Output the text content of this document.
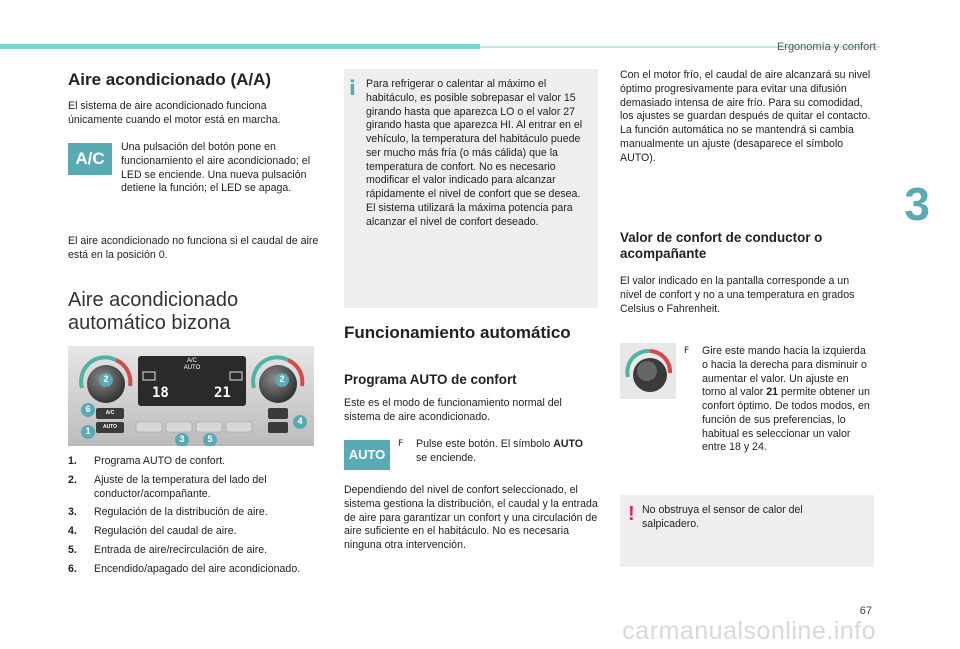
Ergonomía y confort
Aire acondicionado (A/A)

El sistema de aire acondicionado funciona únicamente cuando el motor está en marcha.

A/C

Una pulsación del botón pone en funcionamiento el aire acondicionado; el LED se enciende. Una nueva pulsación detiene la función; el LED se apaga.

El aire acondicionado no funciona si el caudal de aire está en la posición 0.

Aire acondicionado
automático bizona
A/C
AUTO
18	21
A/C
AUTO
2	2
6
1
4
3	5
1.	Programa AUTO de confort.
2.	Ajuste de la temperatura del lado del conductor/acompañante.
3.	Regulación de la distribución de aire.
4.	Regulación del caudal de aire.
5.	Entrada de aire/recirculación de aire.
6.	Encendido/apagado del aire acondicionado.
i Para refrigerar o calentar al máximo el habitáculo, es posible sobrepasar el valor 15 girando hasta que aparezca LO o el valor 27 girando hasta que aparezca HI. Al entrar en el vehículo, la temperatura del habitáculo puede ser mucho más fría (o más cálida) que la temperatura de confort. No es necesario modificar el valor indicado para alcanzar rápidamente el nivel de confort que se desea. El sistema utilizará la máxima potencia para alcanzar el nivel de confort deseado.

Funcionamiento automático
Programa AUTO de confort

Este es el modo de funcionamiento normal del sistema de aire acondicionado.

AUTO
F	Pulse este botón. El símbolo AUTO se enciende.

Dependiendo del nivel de confort seleccionado, el sistema gestiona la distribución, el caudal y la entrada de aire para garantizar un confort y una circulación de aire suficiente en el habitáculo. No es necesaria ninguna otra intervención.

Con el motor frío, el caudal de aire alcanzará su nivel óptimo progresivamente para evitar una difusión demasiado intensa de aire frío. Para su comodidad, los ajustes se guardan después de quitar el contacto. La función automática no se mantendrá si cambia manualmente un ajuste (desaparece el símbolo AUTO).

Valor de confort de conductor o
acompañante

El valor indicado en la pantalla corresponde a un nivel de confort y no a una temperatura en grados Celsius o Fahrenheit.

F	Gire este mando hacia la izquierda o hacia la derecha para disminuir o aumentar el valor. Un ajuste en torno al valor 21 permite obtener un confort óptimo. De todos modos, en función de sus preferencias, lo habitual es seleccionar un valor entre 18 y 24.
! No obstruya el sensor de calor del salpicadero.

3
67
carmanualsonline.info
